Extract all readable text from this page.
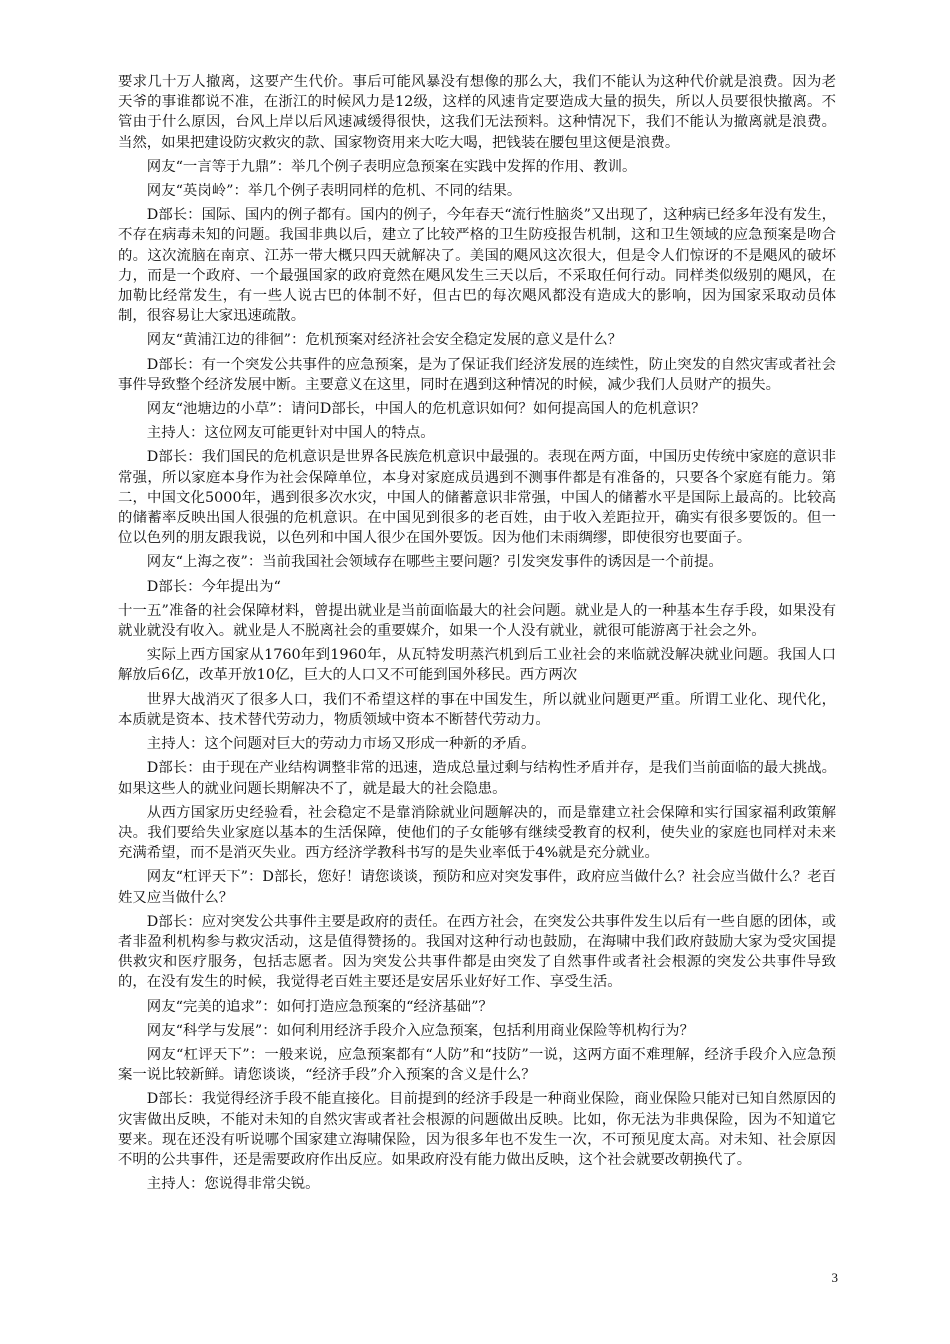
要求几十万人撤离，这要产生代价。事后可能风暴没有想像的那么大，我们不能认为这种代价就是浪费。因为老天爷的事谁都说不准，在浙江的时候风力是12级，这样的风速肯定要造成大量的损失，所以人员要很快撤离。不管由于什么原因，台风上岸以后风速减缓得很快，这我们无法预料。这种情况下，我们不能认为撤离就是浪费。当然，如果把建设防灾救灾的款、国家物资用来大吃大喝，把钱装在腰包里这便是浪费。

网友“一言等于九鼎”：举几个例子表明应急预案在实践中发挥的作用、教训。

网友“英岗岭”：举几个例子表明同样的危机、不同的结果。

D部长：国际、国内的例子都有。国内的例子，今年春天“流行性脑炎”又出现了，这种病已经多年没有发生，不存在病毒未知的问题。我国非典以后，建立了比较严格的卫生防疫报告机制，这和卫生领域的应急预案是吻合的。这次流脑在南京、江苏一带大概只四天就解决了。美国的飓风这次很大，但是令人们惊讶的不是飓风的破坏力，而是一个政府、一个最强国家的政府竟然在飓风发生三天以后，不采取任何行动。同样类似级别的飓风，在加勒比经常发生，有一些人说古巴的体制不好，但古巴的每次飓风都没有造成大的影响，因为国家采取动员体制，很容易让大家迅速疏散。

网友“黄浦江边的徘徊”：危机预案对经济社会安全稳定发展的意义是什么？

D部长：有一个突发公共事件的应急预案，是为了保证我们经济发展的连续性，防止突发的自然灾害或者社会事件导致整个经济发展中断。主要意义在这里，同时在遇到这种情况的时候，减少我们人员财产的损失。

网友“池塘边的小草”：请问D部长，中国人的危机意识如何？如何提高国人的危机意识？

主持人：这位网友可能更针对中国人的特点。

D部长：我们国民的危机意识是世界各民族危机意识中最强的。表现在两方面，中国历史传统中家庭的意识非常强，所以家庭本身作为社会保障单位，本身对家庭成员遇到不测事件都是有准备的，只要各个家庭有能力。第二，中国文化5000年，遇到很多次水灾，中国人的储蓄意识非常强，中国人的储蓄水平是国际上最高的。比较高的储蓄率反映出国人很强的危机意识。在中国见到很多的老百姓，由于收入差距拉开，确实有很多要饭的。但一位以色列的朋友跟我说，以色列和中国人很少在国外要饭。因为他们未雨绸缪，即使很穷也要面子。

网友“上海之夜”：当前我国社会领域存在哪些主要问题？引发突发事件的诱因是一个前提。

D部长：今年提出为“

十一五”准备的社会保障材料，曾提出就业是当前面临最大的社会问题。就业是人的一种基本生存手段，如果没有就业就没有收入。就业是人不脱离社会的重要媒介，如果一个人没有就业，就很可能游离于社会之外。

实际上西方国家从1760年到1960年，从瓦特发明蒸汽机到后工业社会的来临就没解决就业问题。我国人口解放后6亿，改革开放10亿，巨大的人口又不可能到国外移民。西方两次

世界大战消灭了很多人口，我们不希望这样的事在中国发生，所以就业问题更严重。所谓工业化、现代化，本质就是资本、技术替代劳动力，物质领域中资本不断替代劳动力。

主持人：这个问题对巨大的劳动力市场又形成一种新的矛盾。

D部长：由于现在产业结构调整非常的迅速，造成总量过剩与结构性矛盾并存，是我们当前面临的最大挑战。如果这些人的就业问题长期解决不了，就是最大的社会隐患。

从西方国家历史经验看，社会稳定不是靠消除就业问题解决的，而是靠建立社会保障和实行国家福利政策解决。我们要给失业家庭以基本的生活保障，使他们的子女能够有继续受教育的权利，使失业的家庭也同样对未来充满希望，而不是消灭失业。西方经济学教科书写的是失业率低于4%就是充分就业。

网友“杠评天下”：D部长，您好！请您谈谈，预防和应对突发事件，政府应当做什么？社会应当做什么？老百姓又应当做什么？

D部长：应对突发公共事件主要是政府的责任。在西方社会，在突发公共事件发生以后有一些自愿的团体，或者非盈利机构参与救灾活动，这是值得赞扬的。我国对这种行动也鼓励，在海啸中我们政府鼓励大家为受灾国提供救灾和医疗服务，包括志愿者。因为突发公共事件都是由突发了自然事件或者社会根源的突发公共事件导致的，在没有发生的时候，我觉得老百姓主要还是安居乐业好好工作、享受生活。

网友“完美的追求”：如何打造应急预案的“经济基础”？

网友“科学与发展”：如何利用经济手段介入应急预案，包括利用商业保险等机构行为？

网友“杠评天下”：一般来说，应急预案都有“人防”和“技防”一说，这两方面不难理解，经济手段介入应急预案一说比较新鲜。请您谈谈，“经济手段”介入预案的含义是什么？

D部长：我觉得经济手段不能直接化。目前提到的经济手段是一种商业保险，商业保险只能对已知自然原因的灾害做出反映，不能对未知的自然灾害或者社会根源的问题做出反映。比如，你无法为非典保险，因为不知道它要来。现在还没有听说哪个国家建立海啸保险，因为很多年也不发生一次，不可预见度太高。对未知、社会原因不明的公共事件，还是需要政府作出反应。如果政府没有能力做出反映，这个社会就要改朝换代了。

主持人：您说得非常尖锐。

3
